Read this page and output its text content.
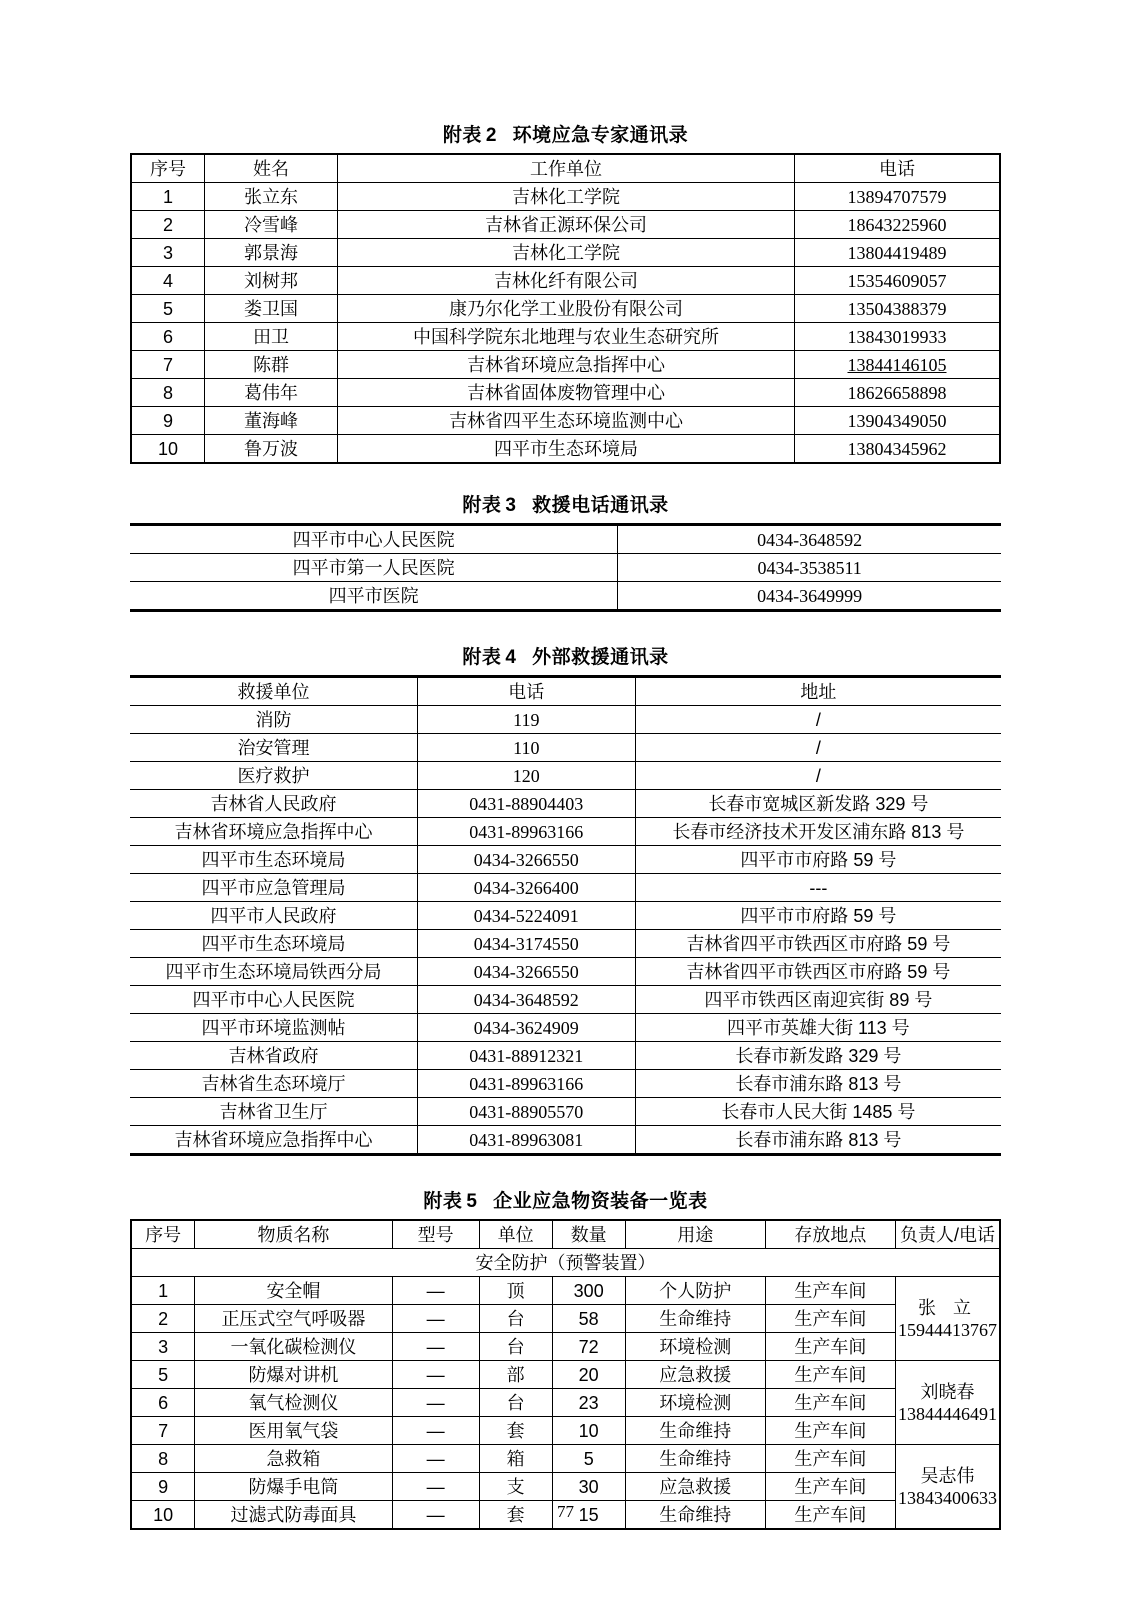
附表 2 环境应急专家通讯录
序号	姓名	工作单位	电话
1	张立东	吉林化工学院	13894707579
2	冷雪峰	吉林省正源环保公司	18643225960
3	郭景海	吉林化工学院	13804419489
4	刘树邦	吉林化纤有限公司	15354609057
5	娄卫国	康乃尔化学工业股份有限公司	13504388379
6	田卫	中国科学院东北地理与农业生态研究所	13843019933
7	陈群	吉林省环境应急指挥中心	13844146105
8	葛伟年	吉林省固体废物管理中心	18626658898
9	董海峰	吉林省四平生态环境监测中心	13904349050
10	鲁万波	四平市生态环境局	13804345962
附表 3 救援电话通讯录
四平市中心人民医院	0434-3648592
四平市第一人民医院	0434-3538511
四平市医院	0434-3649999
附表 4 外部救援通讯录
救援单位	电话	地址
消防	119	/
治安管理	110	/
医疗救护	120	/
吉林省人民政府	0431-88904403	长春市宽城区新发路 329 号
吉林省环境应急指挥中心	0431-89963166	长春市经济技术开发区浦东路 813 号
四平市生态环境局	0434-3266550	四平市市府路 59 号
四平市应急管理局	0434-3266400	---
四平市人民政府	0434-5224091	四平市市府路 59 号
四平市生态环境局	0434-3174550	吉林省四平市铁西区市府路 59 号
四平市生态环境局铁西分局	0434-3266550	吉林省四平市铁西区市府路 59 号
四平市中心人民医院	0434-3648592	四平市铁西区南迎宾街 89 号
四平市环境监测帖	0434-3624909	四平市英雄大街 113 号
吉林省政府	0431-88912321	长春市新发路 329 号
吉林省生态环境厅	0431-89963166	长春市浦东路 813 号
吉林省卫生厅	0431-88905570	长春市人民大街 1485 号
吉林省环境应急指挥中心	0431-89963081	长春市浦东路 813 号
附表 5 企业应急物资装备一览表
序号	物质名称	型号	单位	数量	用途	存放地点	负责人/电话
安全防护（预警装置）							
1	安全帽	—	顶	300	个人防护	生产车间	张 立
15944413767

2	正压式空气呼吸器	—	台	58	生命维持	生产车间	
3	一氧化碳检测仪	—	台	72	环境检测	生产车间	
5	防爆对讲机	—	部	20	应急救援	生产车间	刘晓春
13844446491

6	氧气检测仪	—	台	23	环境检测	生产车间	
7	医用氧气袋	—	套	10	生命维持	生产车间	
8	急救箱	—	箱	5	生命维持	生产车间	吴志伟
13843400633

9	防爆手电筒	—	支	30	应急救援	生产车间	
10	过滤式防毒面具	—	套	15	生命维持	生产车间	
77
